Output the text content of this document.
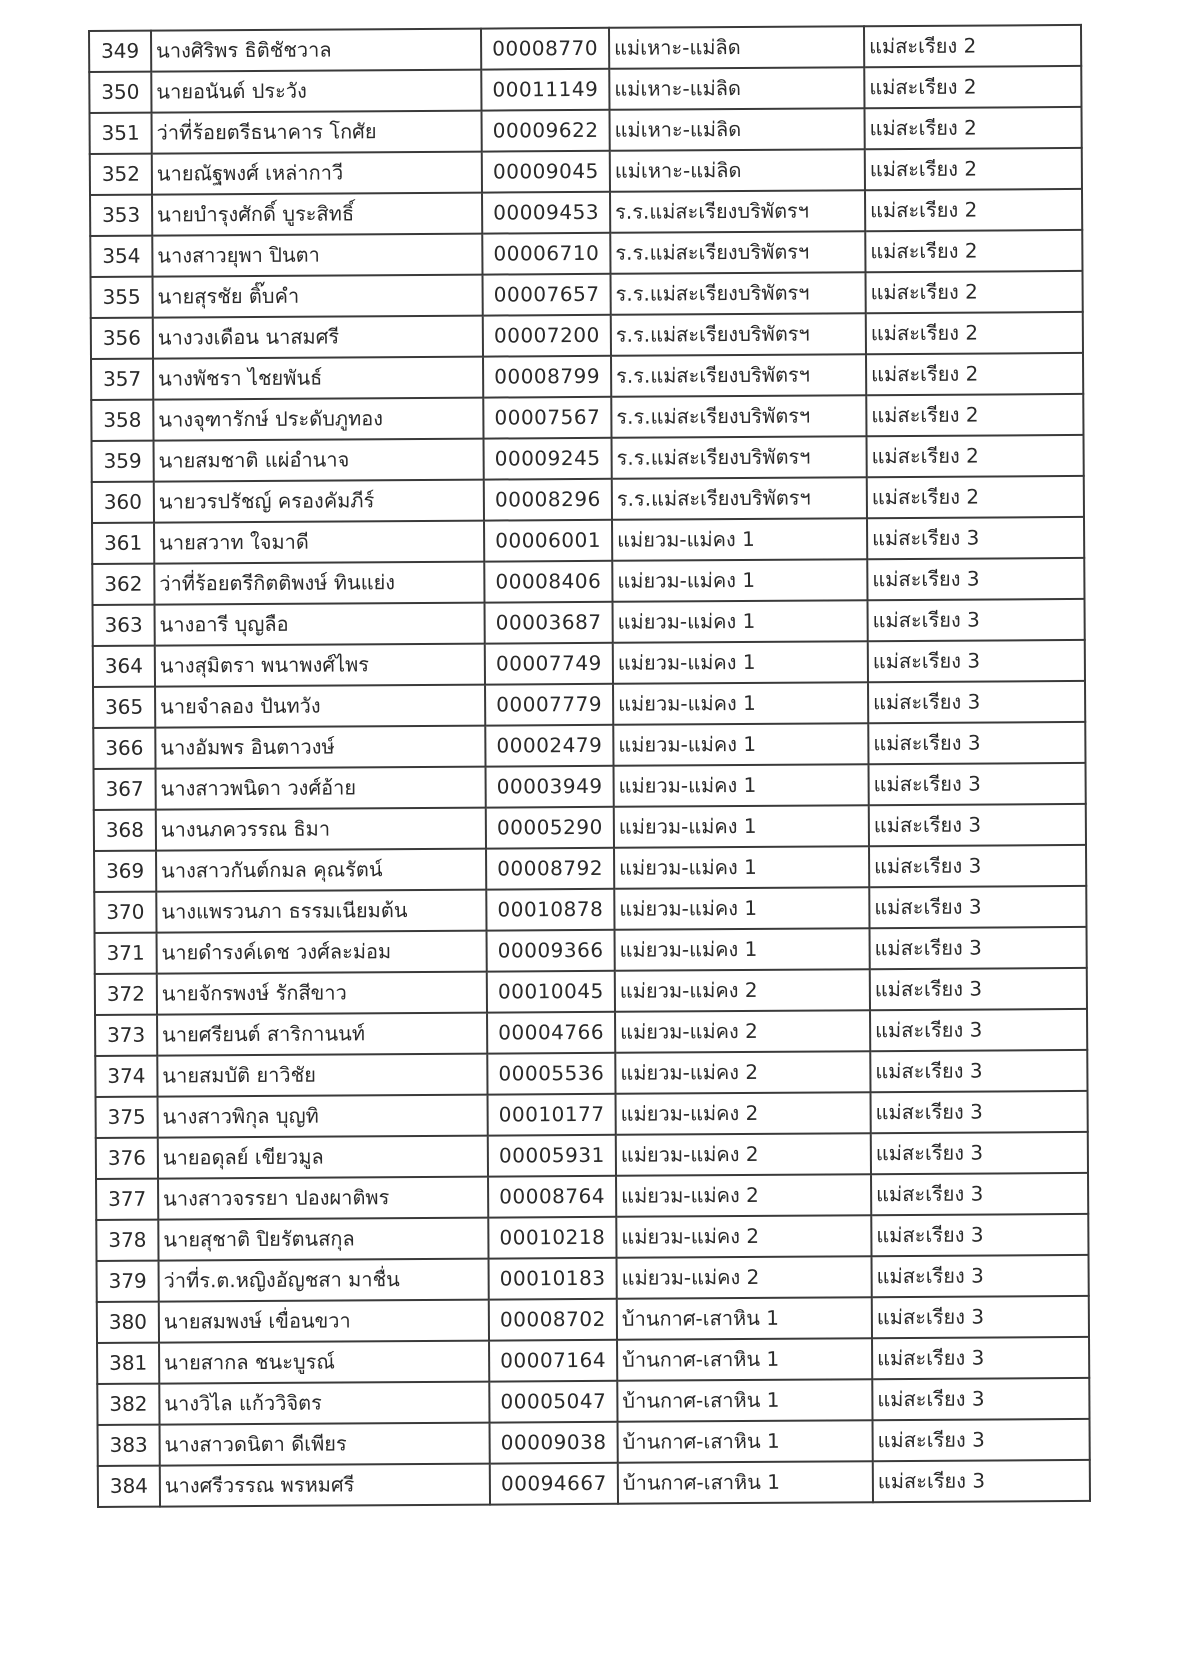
349	นางศิริพร ธิติชัชวาล	00008770	แม่เหาะ-แม่ลิด	แม่สะเรียง 2
350	นายอนันต์ ประวัง	00011149	แม่เหาะ-แม่ลิด	แม่สะเรียง 2
351	ว่าที่ร้อยตรีธนาคาร โกศัย	00009622	แม่เหาะ-แม่ลิด	แม่สะเรียง 2
352	นายณัฐพงศ์ เหล่ากาวี	00009045	แม่เหาะ-แม่ลิด	แม่สะเรียง 2
353	นายบำรุงศักดิ์ บูระสิทธิ์	00009453	ร.ร.แม่สะเรียงบริพัตรฯ	แม่สะเรียง 2
354	นางสาวยุพา ปินตา	00006710	ร.ร.แม่สะเรียงบริพัตรฯ	แม่สะเรียง 2
355	นายสุรชัย ติ๊บคำ	00007657	ร.ร.แม่สะเรียงบริพัตรฯ	แม่สะเรียง 2
356	นางวงเดือน นาสมศรี	00007200	ร.ร.แม่สะเรียงบริพัตรฯ	แม่สะเรียง 2
357	นางพัชรา ไชยพันธ์	00008799	ร.ร.แม่สะเรียงบริพัตรฯ	แม่สะเรียง 2
358	นางจุฑารักษ์ ประดับภูทอง	00007567	ร.ร.แม่สะเรียงบริพัตรฯ	แม่สะเรียง 2
359	นายสมชาติ แผ่อำนาจ	00009245	ร.ร.แม่สะเรียงบริพัตรฯ	แม่สะเรียง 2
360	นายวรปรัชญ์ ครองคัมภีร์	00008296	ร.ร.แม่สะเรียงบริพัตรฯ	แม่สะเรียง 2
361	นายสวาท ใจมาดี	00006001	แม่ยวม-แม่คง 1	แม่สะเรียง 3
362	ว่าที่ร้อยตรีกิตติพงษ์ ทินแย่ง	00008406	แม่ยวม-แม่คง 1	แม่สะเรียง 3
363	นางอารี บุญลือ	00003687	แม่ยวม-แม่คง 1	แม่สะเรียง 3
364	นางสุมิตรา พนาพงศ์ไพร	00007749	แม่ยวม-แม่คง 1	แม่สะเรียง 3
365	นายจำลอง ปันทวัง	00007779	แม่ยวม-แม่คง 1	แม่สะเรียง 3
366	นางอัมพร อินตาวงษ์	00002479	แม่ยวม-แม่คง 1	แม่สะเรียง 3
367	นางสาวพนิดา วงศ์อ้าย	00003949	แม่ยวม-แม่คง 1	แม่สะเรียง 3
368	นางนภควรรณ ธิมา	00005290	แม่ยวม-แม่คง 1	แม่สะเรียง 3
369	นางสาวกันต์กมล คุณรัตน์	00008792	แม่ยวม-แม่คง 1	แม่สะเรียง 3
370	นางแพรวนภา ธรรมเนียมต้น	00010878	แม่ยวม-แม่คง 1	แม่สะเรียง 3
371	นายดำรงค์เดช วงศ์ละม่อม	00009366	แม่ยวม-แม่คง 1	แม่สะเรียง 3
372	นายจักรพงษ์ รักสีขาว	00010045	แม่ยวม-แม่คง 2	แม่สะเรียง 3
373	นายศรียนต์ สาริกานนท์	00004766	แม่ยวม-แม่คง 2	แม่สะเรียง 3
374	นายสมบัติ ยาวิชัย	00005536	แม่ยวม-แม่คง 2	แม่สะเรียง 3
375	นางสาวพิกุล บุญทิ	00010177	แม่ยวม-แม่คง 2	แม่สะเรียง 3
376	นายอดุลย์ เขียวมูล	00005931	แม่ยวม-แม่คง 2	แม่สะเรียง 3
377	นางสาวจรรยา ปองผาติพร	00008764	แม่ยวม-แม่คง 2	แม่สะเรียง 3
378	นายสุชาติ ปิยรัตนสกุล	00010218	แม่ยวม-แม่คง 2	แม่สะเรียง 3
379	ว่าที่ร.ต.หญิงอัญชสา มาชื่น	00010183	แม่ยวม-แม่คง 2	แม่สะเรียง 3
380	นายสมพงษ์ เขื่อนขวา	00008702	บ้านกาศ-เสาหิน 1	แม่สะเรียง 3
381	นายสากล ชนะบูรณ์	00007164	บ้านกาศ-เสาหิน 1	แม่สะเรียง 3
382	นางวิไล แก้ววิจิตร	00005047	บ้านกาศ-เสาหิน 1	แม่สะเรียง 3
383	นางสาวดนิตา ดีเพียร	00009038	บ้านกาศ-เสาหิน 1	แม่สะเรียง 3
384	นางศรีวรรณ พรหมศรี	00094667	บ้านกาศ-เสาหิน 1	แม่สะเรียง 3
